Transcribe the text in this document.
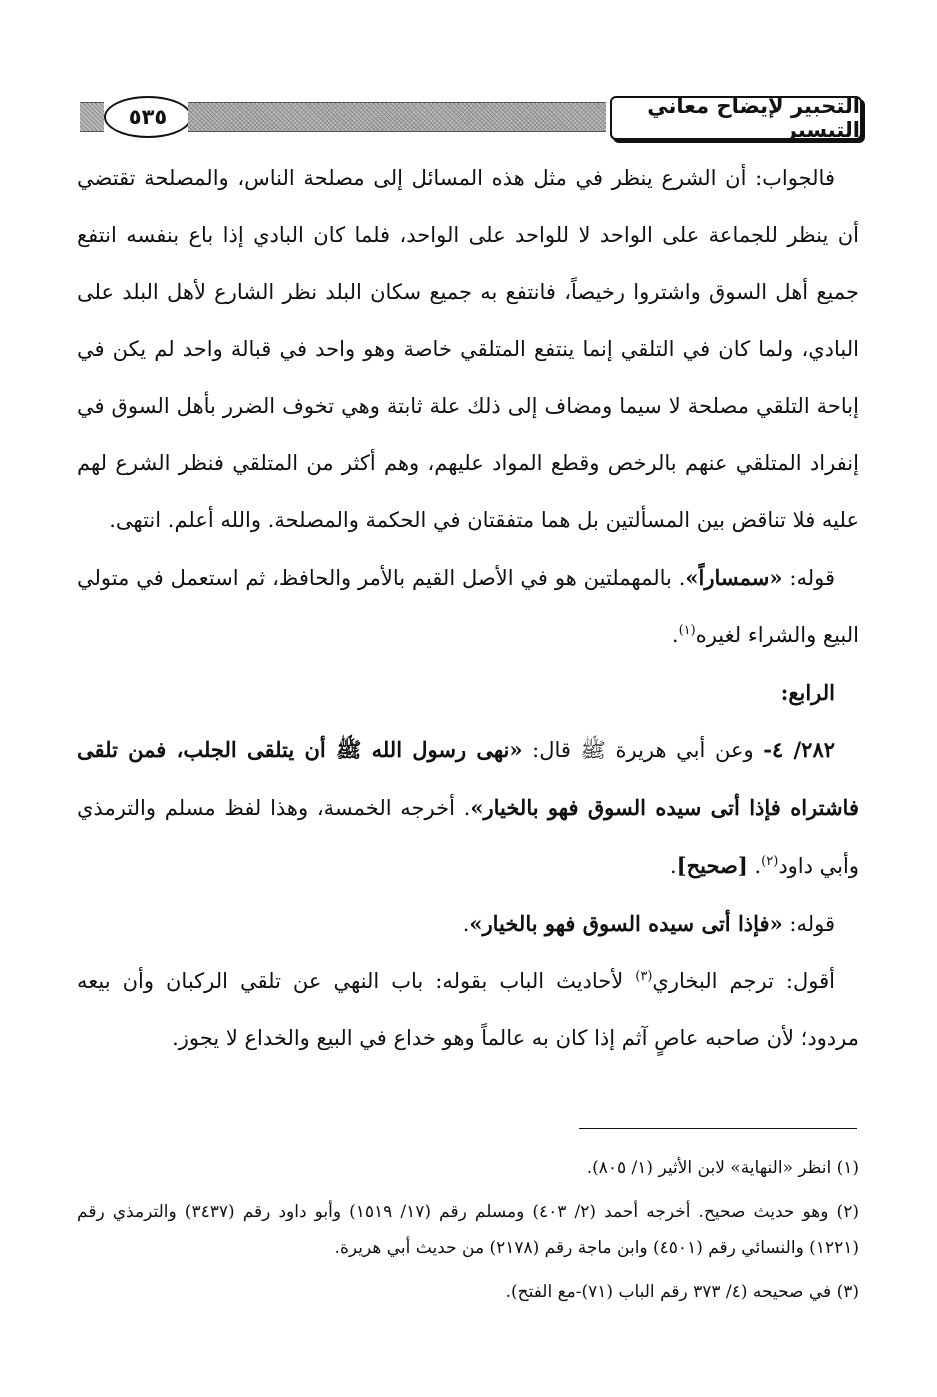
٥٣٥	التحبير لإيضاح معاني التيسير

فالجواب: أن الشرع ينظر في مثل هذه المسائل إلى مصلحة الناس، والمصلحة تقتضي أن ينظر للجماعة على الواحد لا للواحد على الواحد، فلما كان البادي إذا باع بنفسه انتفع جميع أهل السوق واشتروا رخيصاً، فانتفع به جميع سكان البلد نظر الشارع لأهل البلد على البادي، ولما كان في التلقي إنما ينتفع المتلقي خاصة وهو واحد في قبالة واحد لم يكن في إباحة التلقي مصلحة لا سيما ومضاف إلى ذلك علة ثابتة وهي تخوف الضرر بأهل السوق في إنفراد المتلقي عنهم بالرخص وقطع المواد عليهم، وهم أكثر من المتلقي فنظر الشرع لهم عليه فلا تناقض بين المسألتين بل هما متفقتان في الحكمة والمصلحة. والله أعلم. انتهى.

قوله: «سمساراً». بالمهملتين هو في الأصل القيم بالأمر والحافظ، ثم استعمل في متولي البيع والشراء لغيره$^{(١)}$.

الرابع:

٢٨٢/ ٤- وعن أبي هريرة ﷺ قال: «نهى رسول الله ﷺ أن يتلقى الجلب، فمن تلقى فاشتراه فإذا أتى سيده السوق فهو بالخيار». أخرجه الخمسة، وهذا لفظ مسلم والترمذي وأبي داود$^{(٢)}$. [صحيح].

قوله: «فإذا أتى سيده السوق فهو بالخيار».

أقول: ترجم البخاري$^{(٣)}$ لأحاديث الباب بقوله: باب النهي عن تلقي الركبان وأن بيعه مردود؛ لأن صاحبه عاصٍ آثم إذا كان به عالماً وهو خداع في البيع والخداع لا يجوز.

(١) انظر «النهاية» لابن الأثير (١/ ٨٠٥).

(٢) وهو حديث صحيح. أخرجه أحمد (٢/ ٤٠٣) ومسلم رقم (١٧/ ١٥١٩) وأبو داود رقم (٣٤٣٧) والترمذي رقم (١٢٢١) والنسائي رقم (٤٥٠١) وابن ماجة رقم (٢١٧٨) من حديث أبي هريرة.

(٣) في صحيحه (٤/ ٣٧٣ رقم الباب (٧١)-مع الفتح).
